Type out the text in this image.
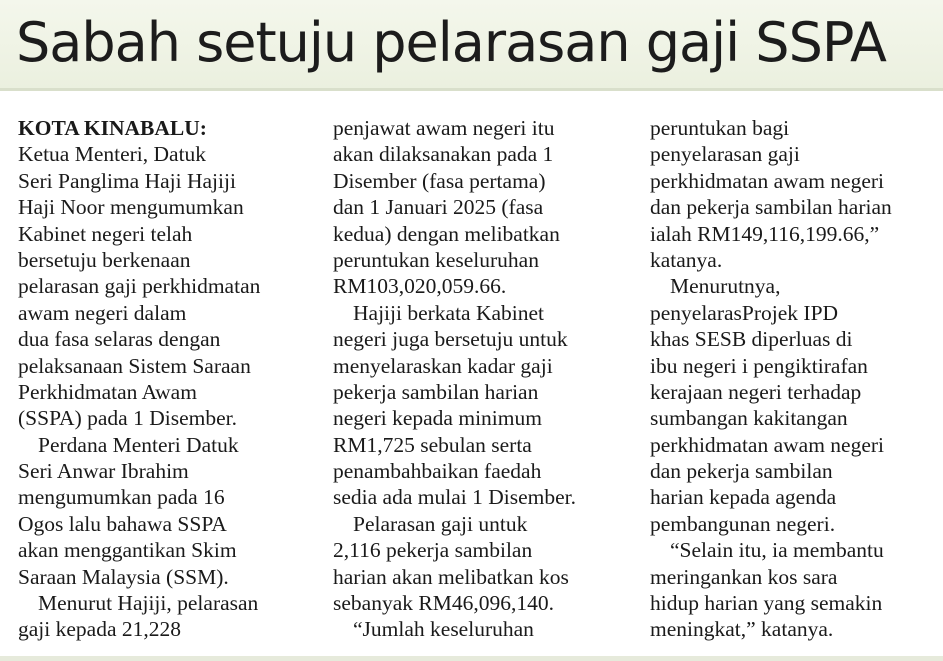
Sabah setuju pelarasan gaji SSPA
KOTA KINABALU:
Ketua Menteri, Datuk
Seri Panglima Haji Hajiji
Haji Noor mengumumkan
Kabinet negeri telah
bersetuju berkenaan
pelarasan gaji perkhidmatan
awam negeri dalam
dua fasa selaras dengan
pelaksanaan Sistem Saraan
Perkhidmatan Awam
(SSPA) pada 1 Disember.
Perdana Menteri Datuk
Seri Anwar Ibrahim
mengumumkan pada 16
Ogos lalu bahawa SSPA
akan menggantikan Skim
Saraan Malaysia (SSM).
Menurut Hajiji, pelarasan
gaji kepada 21,228
penjawat awam negeri itu
akan dilaksanakan pada 1
Disember (fasa pertama)
dan 1 Januari 2025 (fasa
kedua) dengan melibatkan
peruntukan keseluruhan
RM103,020,059.66.
Hajiji berkata Kabinet
negeri juga bersetuju untuk
menyelaraskan kadar gaji
pekerja sambilan harian
negeri kepada minimum
RM1,725 sebulan serta
penambahbaikan faedah
sedia ada mulai 1 Disember.
Pelarasan gaji untuk
2,116 pekerja sambilan
harian akan melibatkan kos
sebanyak RM46,096,140.
“Jumlah keseluruhan
peruntukan bagi
penyelarasan gaji
perkhidmatan awam negeri
dan pekerja sambilan harian
ialah RM149,116,199.66,”
katanya.
Menurutnya,
penyelarasProjek IPD
khas SESB diperluas di
ibu negeri i pengiktirafan
kerajaan negeri terhadap
sumbangan kakitangan
perkhidmatan awam negeri
dan pekerja sambilan
harian kepada agenda
pembangunan negeri.
“Selain itu, ia membantu
meringankan kos sara
hidup harian yang semakin
meningkat,” katanya.
